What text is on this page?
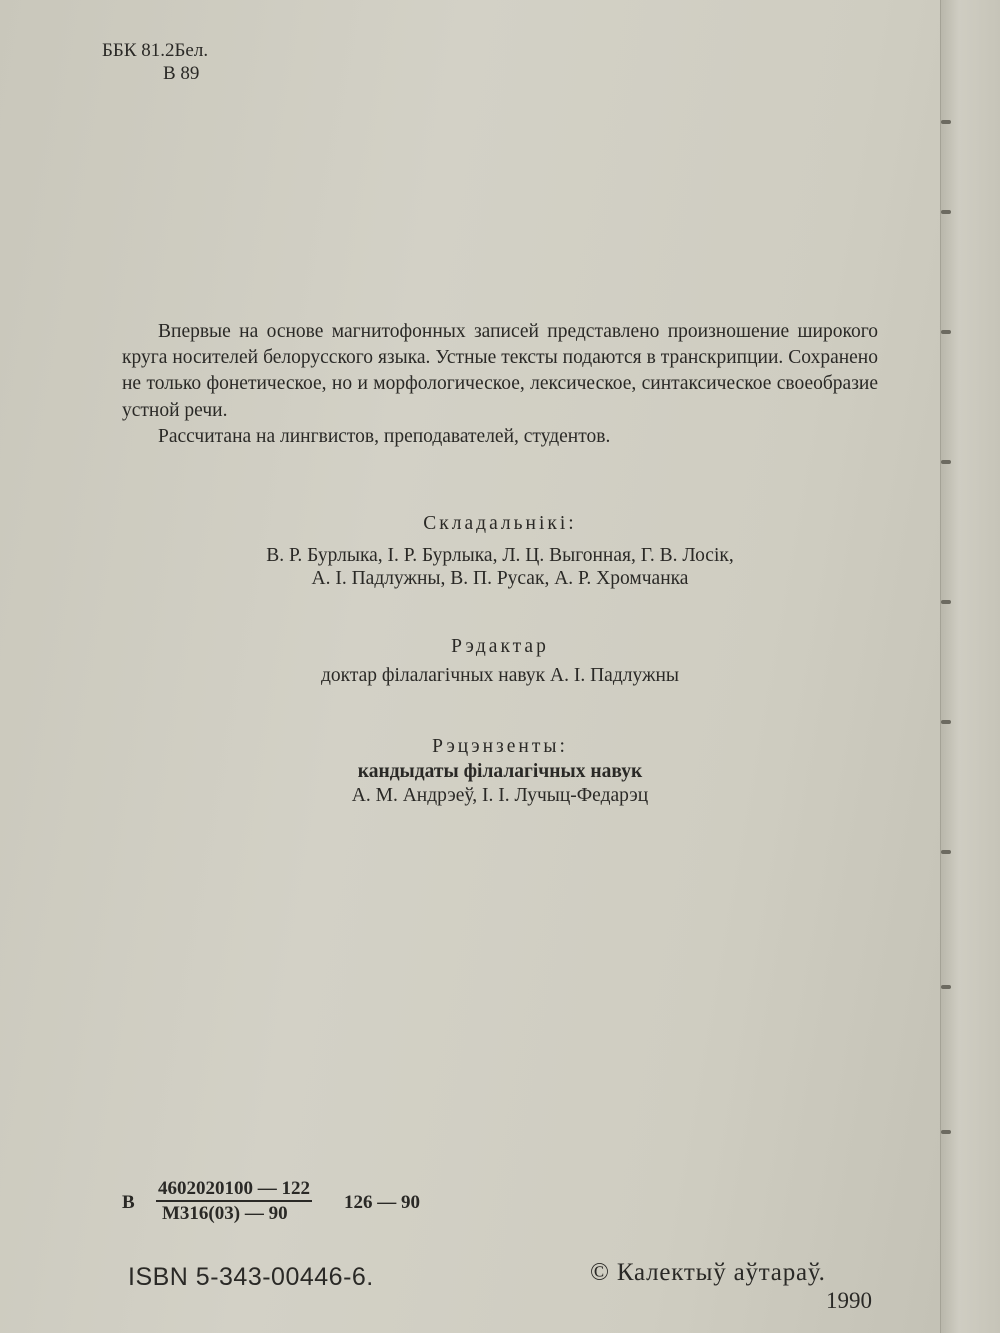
ББК 81.2Бел.
В 89

Впервые на основе магнитофонных записей представлено произношение широкого круга носителей белорусского языка. Устные тексты подаются в транскрипции. Сохранено не только фонетическое, но и морфологическое, лексическое, синтаксическое своеобразие устной речи.

Рассчитана на лингвистов, преподавателей, студентов.

Складальнікі:
В. Р. Бурлыка, І. Р. Бурлыка, Л. Ц. Выгонная, Г. В. Лосік,
А. І. Падлужны, В. П. Русак, А. Р. Хромчанка
Рэдактар
доктар філалагічных навук А. І. Падлужны
Рэцэнзенты:
кандыдаты філалагічных навук
А. М. Андрэеў, І. І. Лучыц-Федарэц
В
4602020100 — 122
М316(03) — 90
126 — 90
ISBN 5-343-00446-6.	© Калектыў аўтараў.
1990
